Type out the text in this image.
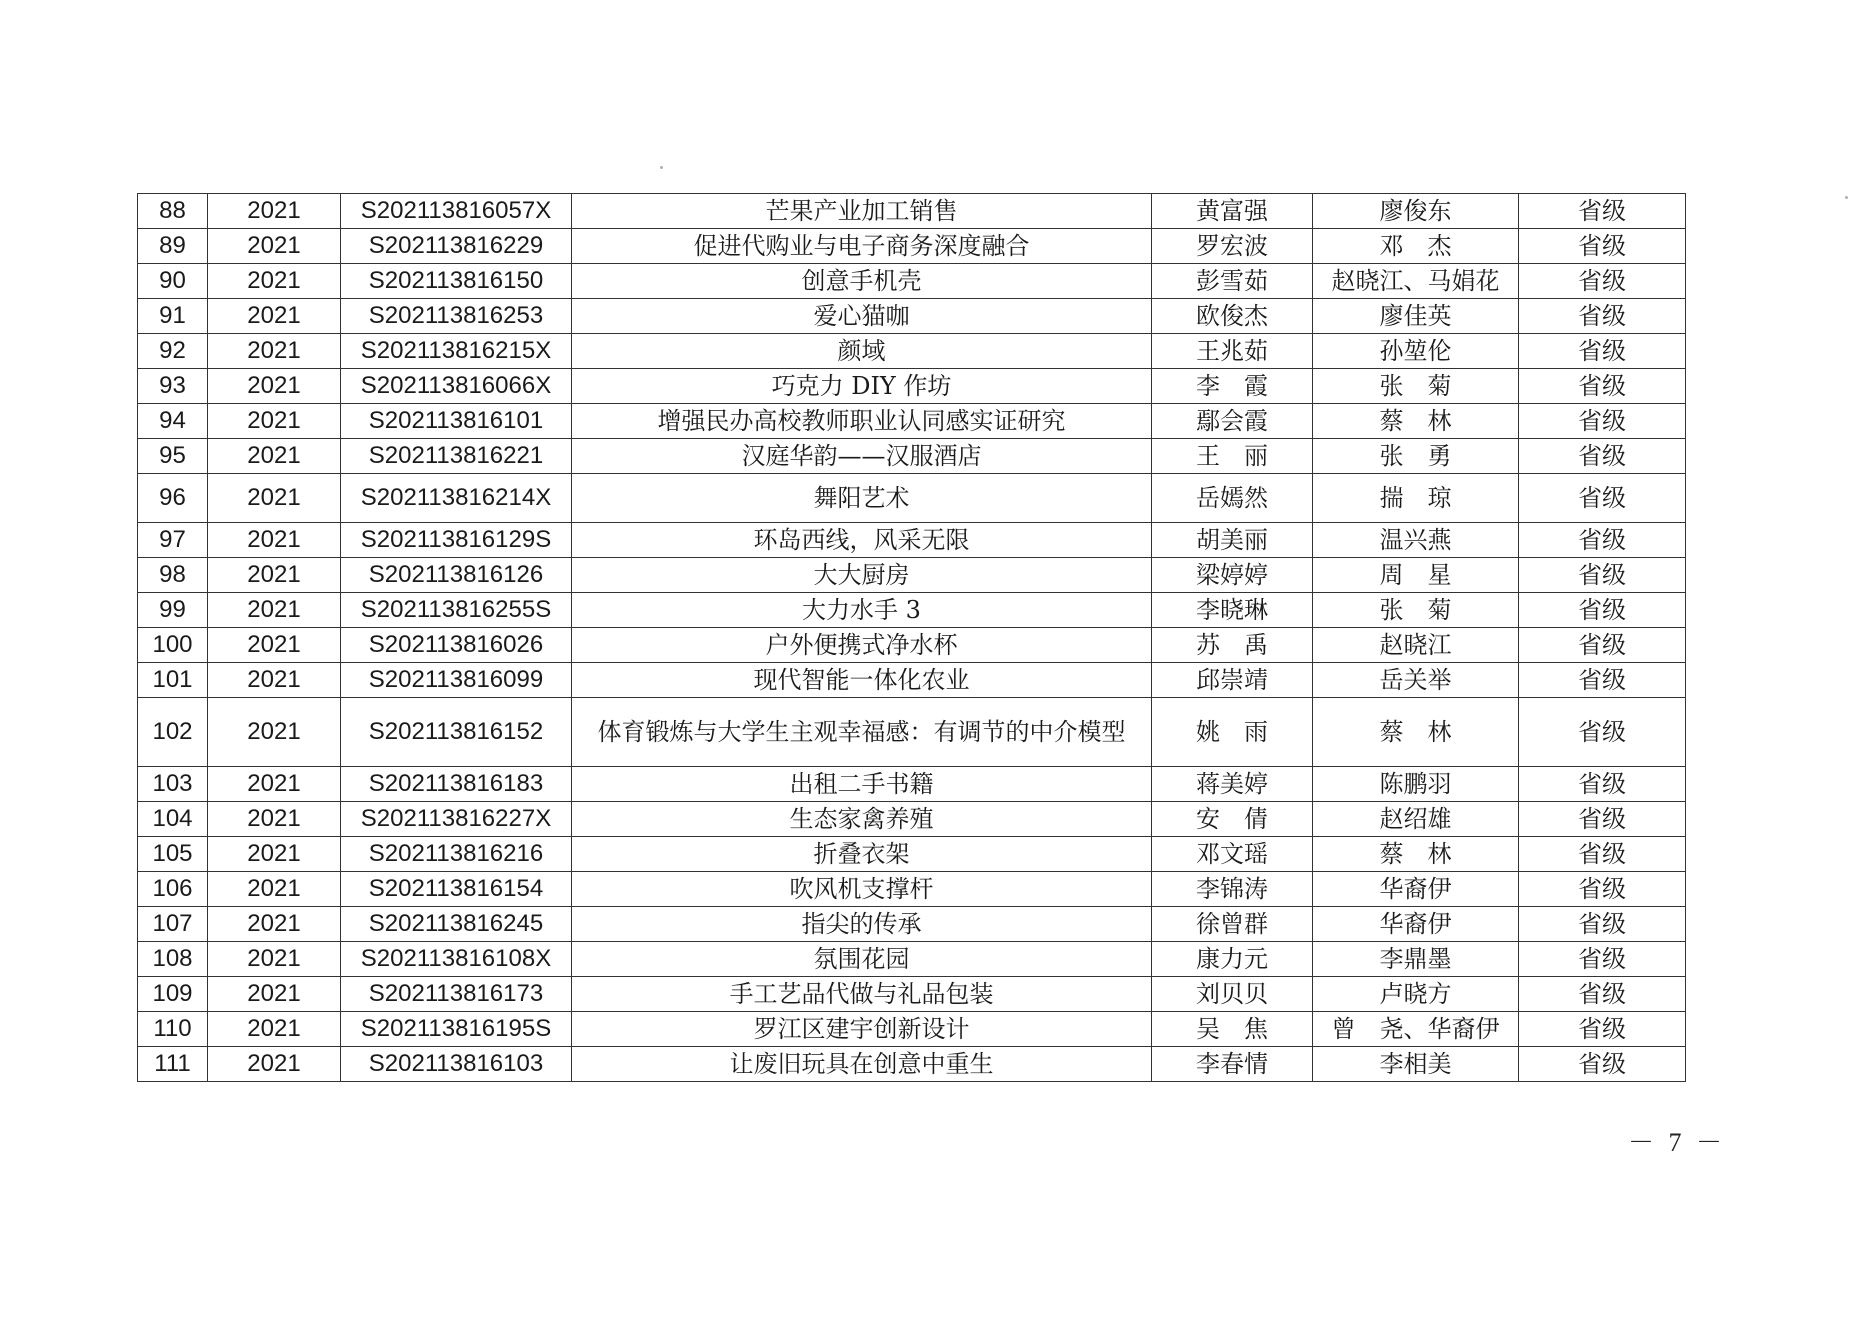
88	2021	S202113816057X	芒果产业加工销售	黄富强	廖俊东	省级
89	2021	S202113816229	促进代购业与电子商务深度融合	罗宏波	邓　杰	省级
90	2021	S202113816150	创意手机壳	彭雪茹	赵晓江、马娟花	省级
91	2021	S202113816253	爱心猫咖	欧俊杰	廖佳英	省级
92	2021	S202113816215X	颜域	王兆茹	孙堃伦	省级
93	2021	S202113816066X	巧克力 DIY 作坊	李　霞	张　菊	省级
94	2021	S202113816101	增强民办高校教师职业认同感实证研究	鄢会霞	蔡　林	省级
95	2021	S202113816221	汉庭华韵——汉服酒店	王　丽	张　勇	省级
96	2021	S202113816214X	舞阳艺术	岳嫣然	揣　琼	省级
97	2021	S202113816129S	环岛西线，风采无限	胡美丽	温兴燕	省级
98	2021	S202113816126	大大厨房	梁婷婷	周　星	省级
99	2021	S202113816255S	大力水手 3	李晓琳	张　菊	省级
100	2021	S202113816026	户外便携式净水杯	苏　禹	赵晓江	省级
101	2021	S202113816099	现代智能一体化农业	邱崇靖	岳关举	省级
102	2021	S202113816152	体育锻炼与大学生主观幸福感：有调节的中介模型	姚　雨	蔡　林	省级
103	2021	S202113816183	出租二手书籍	蒋美婷	陈鹏羽	省级
104	2021	S202113816227X	生态家禽养殖	安　倩	赵绍雄	省级
105	2021	S202113816216	折叠衣架	邓文瑶	蔡　林	省级
106	2021	S202113816154	吹风机支撑杆	李锦涛	华裔伊	省级
107	2021	S202113816245	指尖的传承	徐曾群	华裔伊	省级
108	2021	S202113816108X	氛围花园	康力元	李鼎墨	省级
109	2021	S202113816173	手工艺品代做与礼品包装	刘贝贝	卢晓方	省级
110	2021	S202113816195S	罗江区建宇创新设计	吴　焦	曾　尧、华裔伊	省级
111	2021	S202113816103	让废旧玩具在创意中重生	李春情	李相美	省级
－ 7 －
